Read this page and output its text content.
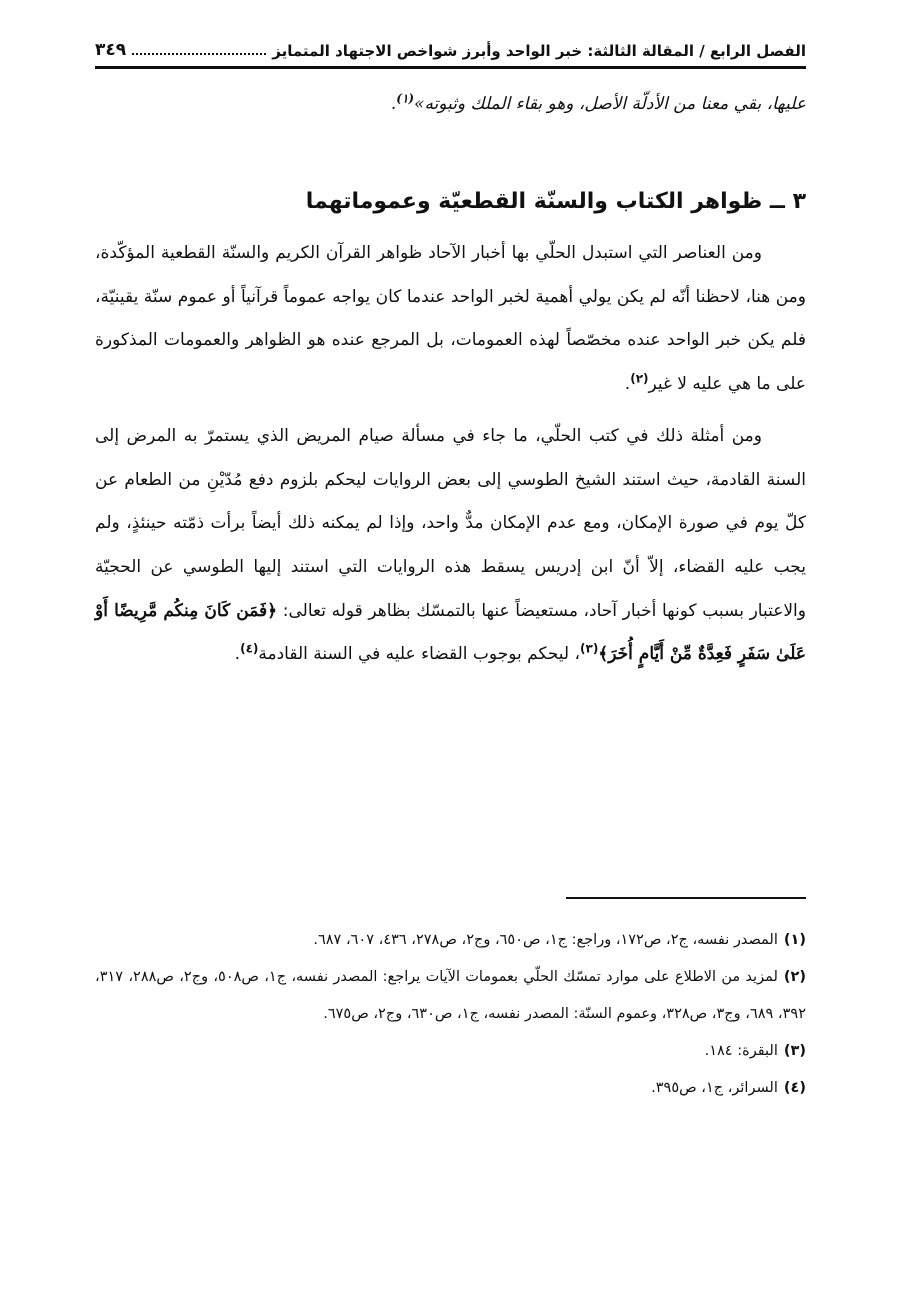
الفصل الرابع / المقالة الثالثة: خبر الواحد وأبرز شواخص الاجتهاد المتمايز
٣٤٩

عليها، بقي معنا من الأدلّة الأصل، وهو بقاء الملك وثبوته»$^{(١)}$.

٣ ــ ظواهر الكتاب والسنّة القطعيّة وعموماتهما

ومن العناصر التي استبدل الحلّي بها أخبار الآحاد ظواهر القرآن الكريم والسنّة القطعية المؤكّدة، ومن هنا، لاحظنا أنّه لم يكن يولي أهمية لخبر الواحد عندما كان يواجه عموماً قرآنياً أو عموم سنّة يقينيّة، فلم يكن خبر الواحد عنده مخصّصاً لهذه العمومات، بل المرجع عنده هو الظواهر والعمومات المذكورة على ما هي عليه لا غير$^{(٢)}$.

ومن أمثلة ذلك في كتب الحلّي، ما جاء في مسألة صيام المريض الذي يستمرّ به المرض إلى السنة القادمة، حيث استند الشيخ الطوسي إلى بعض الروايات ليحكم بلزوم دفع مُدّيْنِ من الطعام عن كلّ يوم في صورة الإمكان، ومع عدم الإمكان مدٌّ واحد، وإذا لم يمكنه ذلك أيضاً برأت ذمّته حينئذٍ، ولم يجب عليه القضاء، إلاّ أنّ ابن إدريس يسقط هذه الروايات التي استند إليها الطوسي عن الحجيّة والاعتبار بسبب كونها أخبار آحاد، مستعيضاً عنها بالتمسّك بظاهر قوله تعالى: ﴿فَمَن كَانَ مِنكُم مَّرِيضًا أَوْ عَلَىٰ سَفَرٍ فَعِدَّةٌ مِّنْ أَيَّامٍ أُخَرَ﴾$^{(٣)}$، ليحكم بوجوب القضاء عليه في السنة القادمة$^{(٤)}$.

(١)المصدر نفسه، ج٢، ص١٧٢، وراجع: ج١، ص٦٥٠، وج٢، ص٢٧٨، ٤٣٦، ٦٠٧، ٦٨٧.

(٢)لمزيد من الاطلاع على موارد تمسّك الحلّي بعمومات الآيات يراجع: المصدر نفسه، ج١، ص٥٠٨، وج٢، ص٢٨٨، ٣١٧، ٣٩٢، ٦٨٩، وج٣، ص٣٢٨، وعموم السنّة: المصدر نفسه، ج١، ص٦٣٠، وج٢، ص٦٧٥.

(٣)البقرة: ١٨٤.

(٤)السرائر، ج١، ص٣٩٥.
